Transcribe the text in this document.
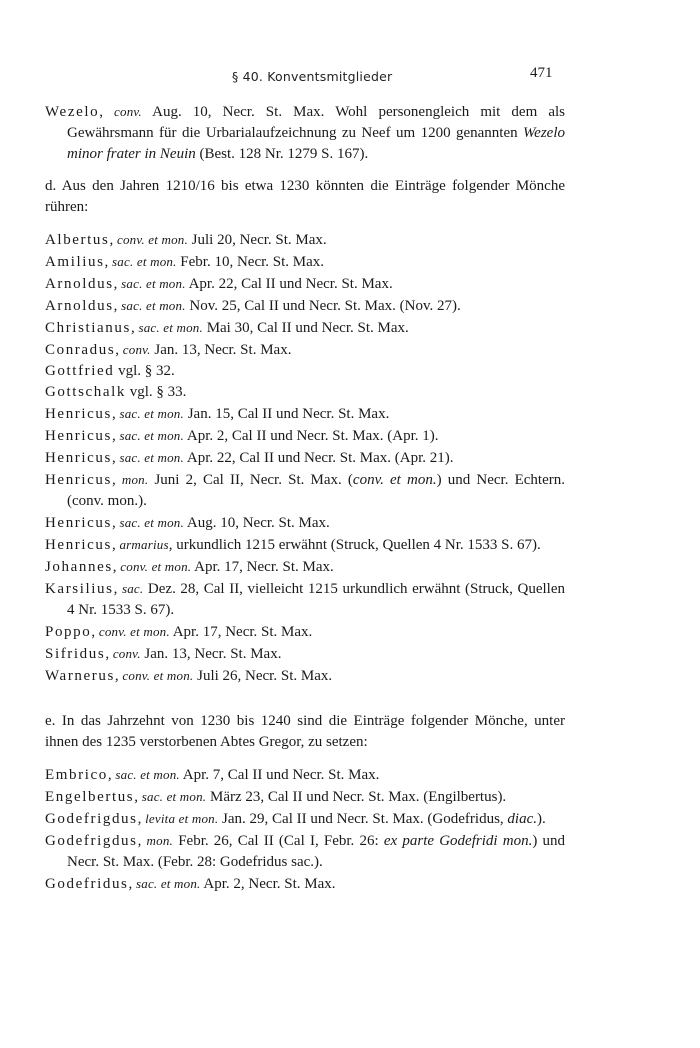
§ 40. Konventsmitglieder	471

Wezelo, conv. Aug. 10, Necr. St. Max. Wohl personengleich mit dem als Gewährsmann für die Urbarialaufzeichnung zu Neef um 1200 genannten Wezelo minor frater in Neuin (Best. 128 Nr. 1279 S. 167).

d. Aus den Jahren 1210/16 bis etwa 1230 könnten die Einträge folgender Mönche rühren:

Albertus, conv. et mon. Juli 20, Necr. St. Max.

Amilius, sac. et mon. Febr. 10, Necr. St. Max.

Arnoldus, sac. et mon. Apr. 22, Cal II und Necr. St. Max.

Arnoldus, sac. et mon. Nov. 25, Cal II und Necr. St. Max. (Nov. 27).

Christianus, sac. et mon. Mai 30, Cal II und Necr. St. Max.

Conradus, conv. Jan. 13, Necr. St. Max.

Gottfried vgl. § 32.

Gottschalk vgl. § 33.

Henricus, sac. et mon. Jan. 15, Cal II und Necr. St. Max.

Henricus, sac. et mon. Apr. 2, Cal II und Necr. St. Max. (Apr. 1).

Henricus, sac. et mon. Apr. 22, Cal II und Necr. St. Max. (Apr. 21).

Henricus, mon. Juni 2, Cal II, Necr. St. Max. (conv. et mon.) und Necr. Echtern. (conv. mon.).

Henricus, sac. et mon. Aug. 10, Necr. St. Max.

Henricus, armarius, urkundlich 1215 erwähnt (Struck, Quellen 4 Nr. 1533 S. 67).

Johannes, conv. et mon. Apr. 17, Necr. St. Max.

Karsilius, sac. Dez. 28, Cal II, vielleicht 1215 urkundlich erwähnt (Struck, Quellen 4 Nr. 1533 S. 67).

Poppo, conv. et mon. Apr. 17, Necr. St. Max.

Sifridus, conv. Jan. 13, Necr. St. Max.

Warnerus, conv. et mon. Juli 26, Necr. St. Max.

e. In das Jahrzehnt von 1230 bis 1240 sind die Einträge folgender Mönche, unter ihnen des 1235 verstorbenen Abtes Gregor, zu setzen:

Embrico, sac. et mon. Apr. 7, Cal II und Necr. St. Max.

Engelbertus, sac. et mon. März 23, Cal II und Necr. St. Max. (Engilbertus).

Godefrigdus, levita et mon. Jan. 29, Cal II und Necr. St. Max. (Godefridus, diac.).

Godefrigdus, mon. Febr. 26, Cal II (Cal I, Febr. 26: ex parte Godefridi mon.) und Necr. St. Max. (Febr. 28: Godefridus sac.).

Godefridus, sac. et mon. Apr. 2, Necr. St. Max.
